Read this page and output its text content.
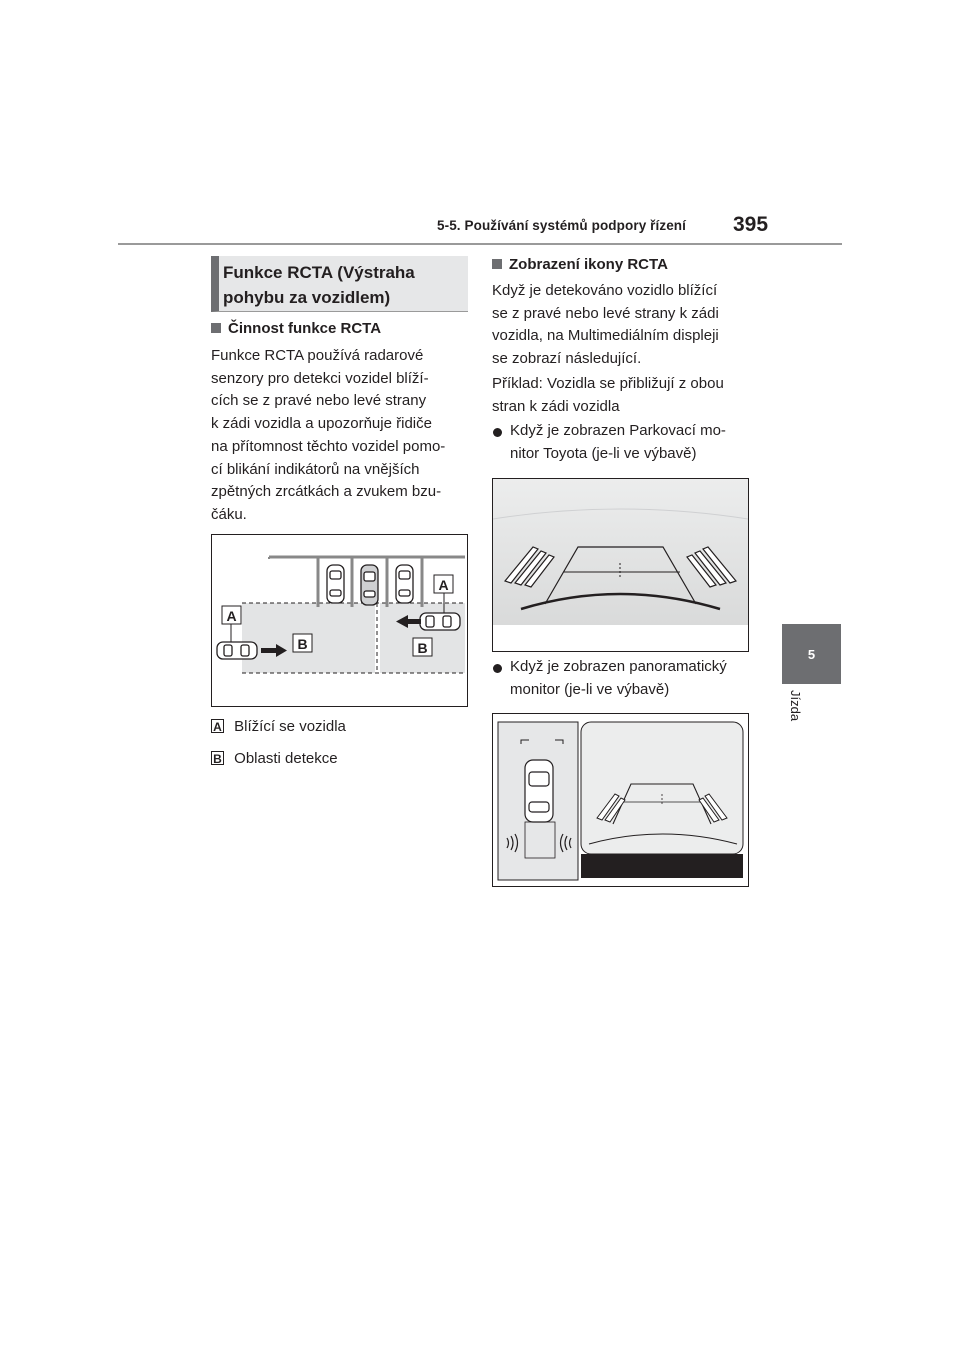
5-5. Používání systémů podpory řízení 395
5
Jízda
Funkce RCTA (Výstraha
pohybu za vozidlem)
Činnost funkce RCTA
Funkce RCTA používá radarové
senzory pro detekci vozidel blíží-
cích se z pravé nebo levé strany
k zádi vozidla a upozorňuje řidiče
na přítomnost těchto vozidel pomo-
cí blikání indikátorů na vnějších
zpětných zrcátkách a zvukem bzu-
čáku.
A
A
B	B
A Blížící se vozidla
B Oblasti detekce
Zobrazení ikony RCTA
Když je detekováno vozidlo blížící
se z pravé nebo levé strany k zádi
vozidla, na Multimediálním displeji
se zobrazí následující.
Příklad: Vozidla se přibližují z obou
stran k zádi vozidla
Když je zobrazen Parkovací mo-
nitor Toyota (je-li ve výbavě)
Když je zobrazen panoramatický
monitor (je-li ve výbavě)
